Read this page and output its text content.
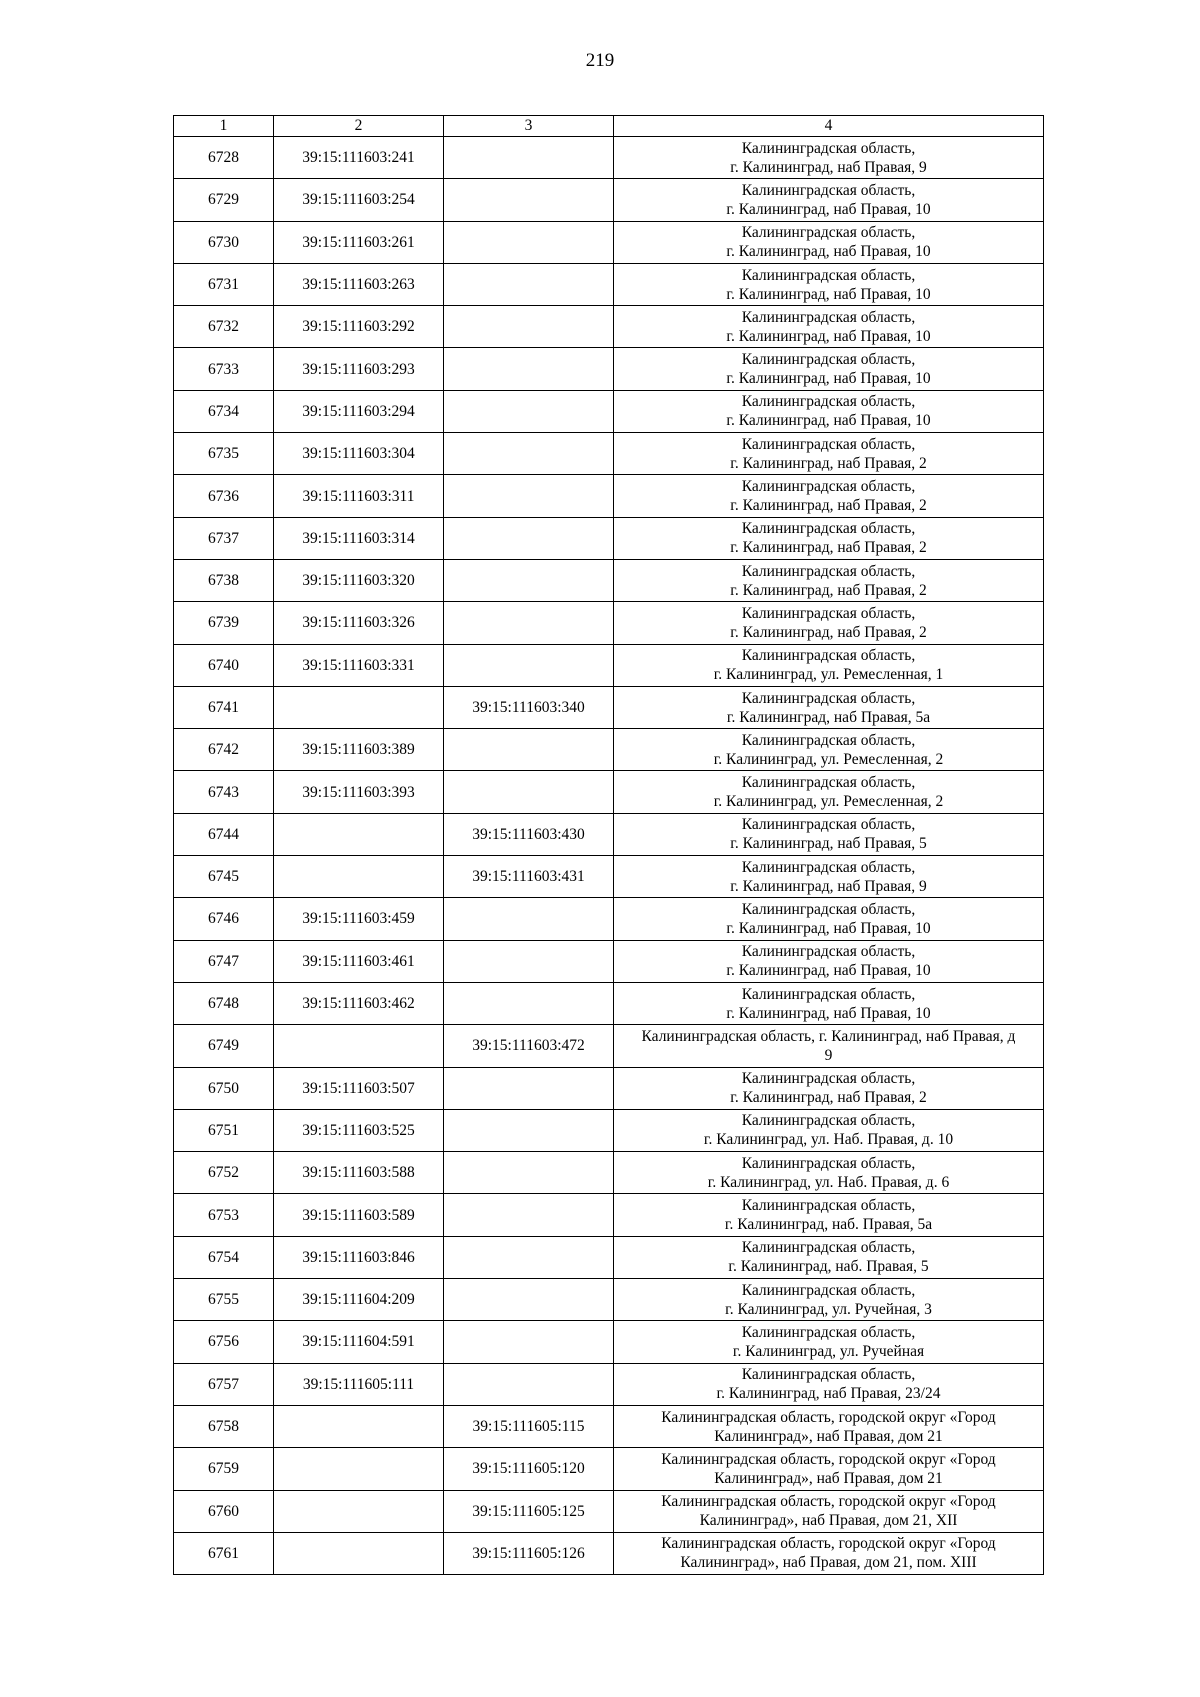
219
1	2	3	4
6728	39:15:111603:241		Калининградская область,
г. Калининград, наб Правая, 9
6729	39:15:111603:254		Калининградская область,
г. Калининград, наб Правая, 10
6730	39:15:111603:261		Калининградская область,
г. Калининград, наб Правая, 10
6731	39:15:111603:263		Калининградская область,
г. Калининград, наб Правая, 10
6732	39:15:111603:292		Калининградская область,
г. Калининград, наб Правая, 10
6733	39:15:111603:293		Калининградская область,
г. Калининград, наб Правая, 10
6734	39:15:111603:294		Калининградская область,
г. Калининград, наб Правая, 10
6735	39:15:111603:304		Калининградская область,
г. Калининград, наб Правая, 2
6736	39:15:111603:311		Калининградская область,
г. Калининград, наб Правая, 2
6737	39:15:111603:314		Калининградская область,
г. Калининград, наб Правая, 2
6738	39:15:111603:320		Калининградская область,
г. Калининград, наб Правая, 2
6739	39:15:111603:326		Калининградская область,
г. Калининград, наб Правая, 2
6740	39:15:111603:331		Калининградская область,
г. Калининград, ул. Ремесленная, 1
6741		39:15:111603:340	Калининградская область,
г. Калининград, наб Правая, 5а
6742	39:15:111603:389		Калининградская область,
г. Калининград, ул. Ремесленная, 2
6743	39:15:111603:393		Калининградская область,
г. Калининград, ул. Ремесленная, 2
6744		39:15:111603:430	Калининградская область,
г. Калининград, наб Правая, 5
6745		39:15:111603:431	Калининградская область,
г. Калининград, наб Правая, 9
6746	39:15:111603:459		Калининградская область,
г. Калининград, наб Правая, 10
6747	39:15:111603:461		Калининградская область,
г. Калининград, наб Правая, 10
6748	39:15:111603:462		Калининградская область,
г. Калининград, наб Правая, 10
6749		39:15:111603:472	Калининградская область, г. Калининград, наб Правая, д
9
6750	39:15:111603:507		Калининградская область,
г. Калининград, наб Правая, 2
6751	39:15:111603:525		Калининградская область,
г. Калининград, ул. Наб. Правая, д. 10
6752	39:15:111603:588		Калининградская область,
г. Калининград, ул. Наб. Правая, д. 6
6753	39:15:111603:589		Калининградская область,
г. Калининград, наб. Правая, 5а
6754	39:15:111603:846		Калининградская область,
г. Калининград, наб. Правая, 5
6755	39:15:111604:209		Калининградская область,
г. Калининград, ул. Ручейная, 3
6756	39:15:111604:591		Калининградская область,
г. Калининград, ул. Ручейная
6757	39:15:111605:111		Калининградская область,
г. Калининград, наб Правая, 23/24
6758		39:15:111605:115	Калининградская область, городской округ «Город
Калининград», наб Правая, дом 21
6759		39:15:111605:120	Калининградская область, городской округ «Город
Калининград», наб Правая, дом 21
6760		39:15:111605:125	Калининградская область, городской округ «Город
Калининград», наб Правая, дом 21, XII
6761		39:15:111605:126	Калининградская область, городской округ «Город
Калининград», наб Правая, дом 21, пом. XIII
